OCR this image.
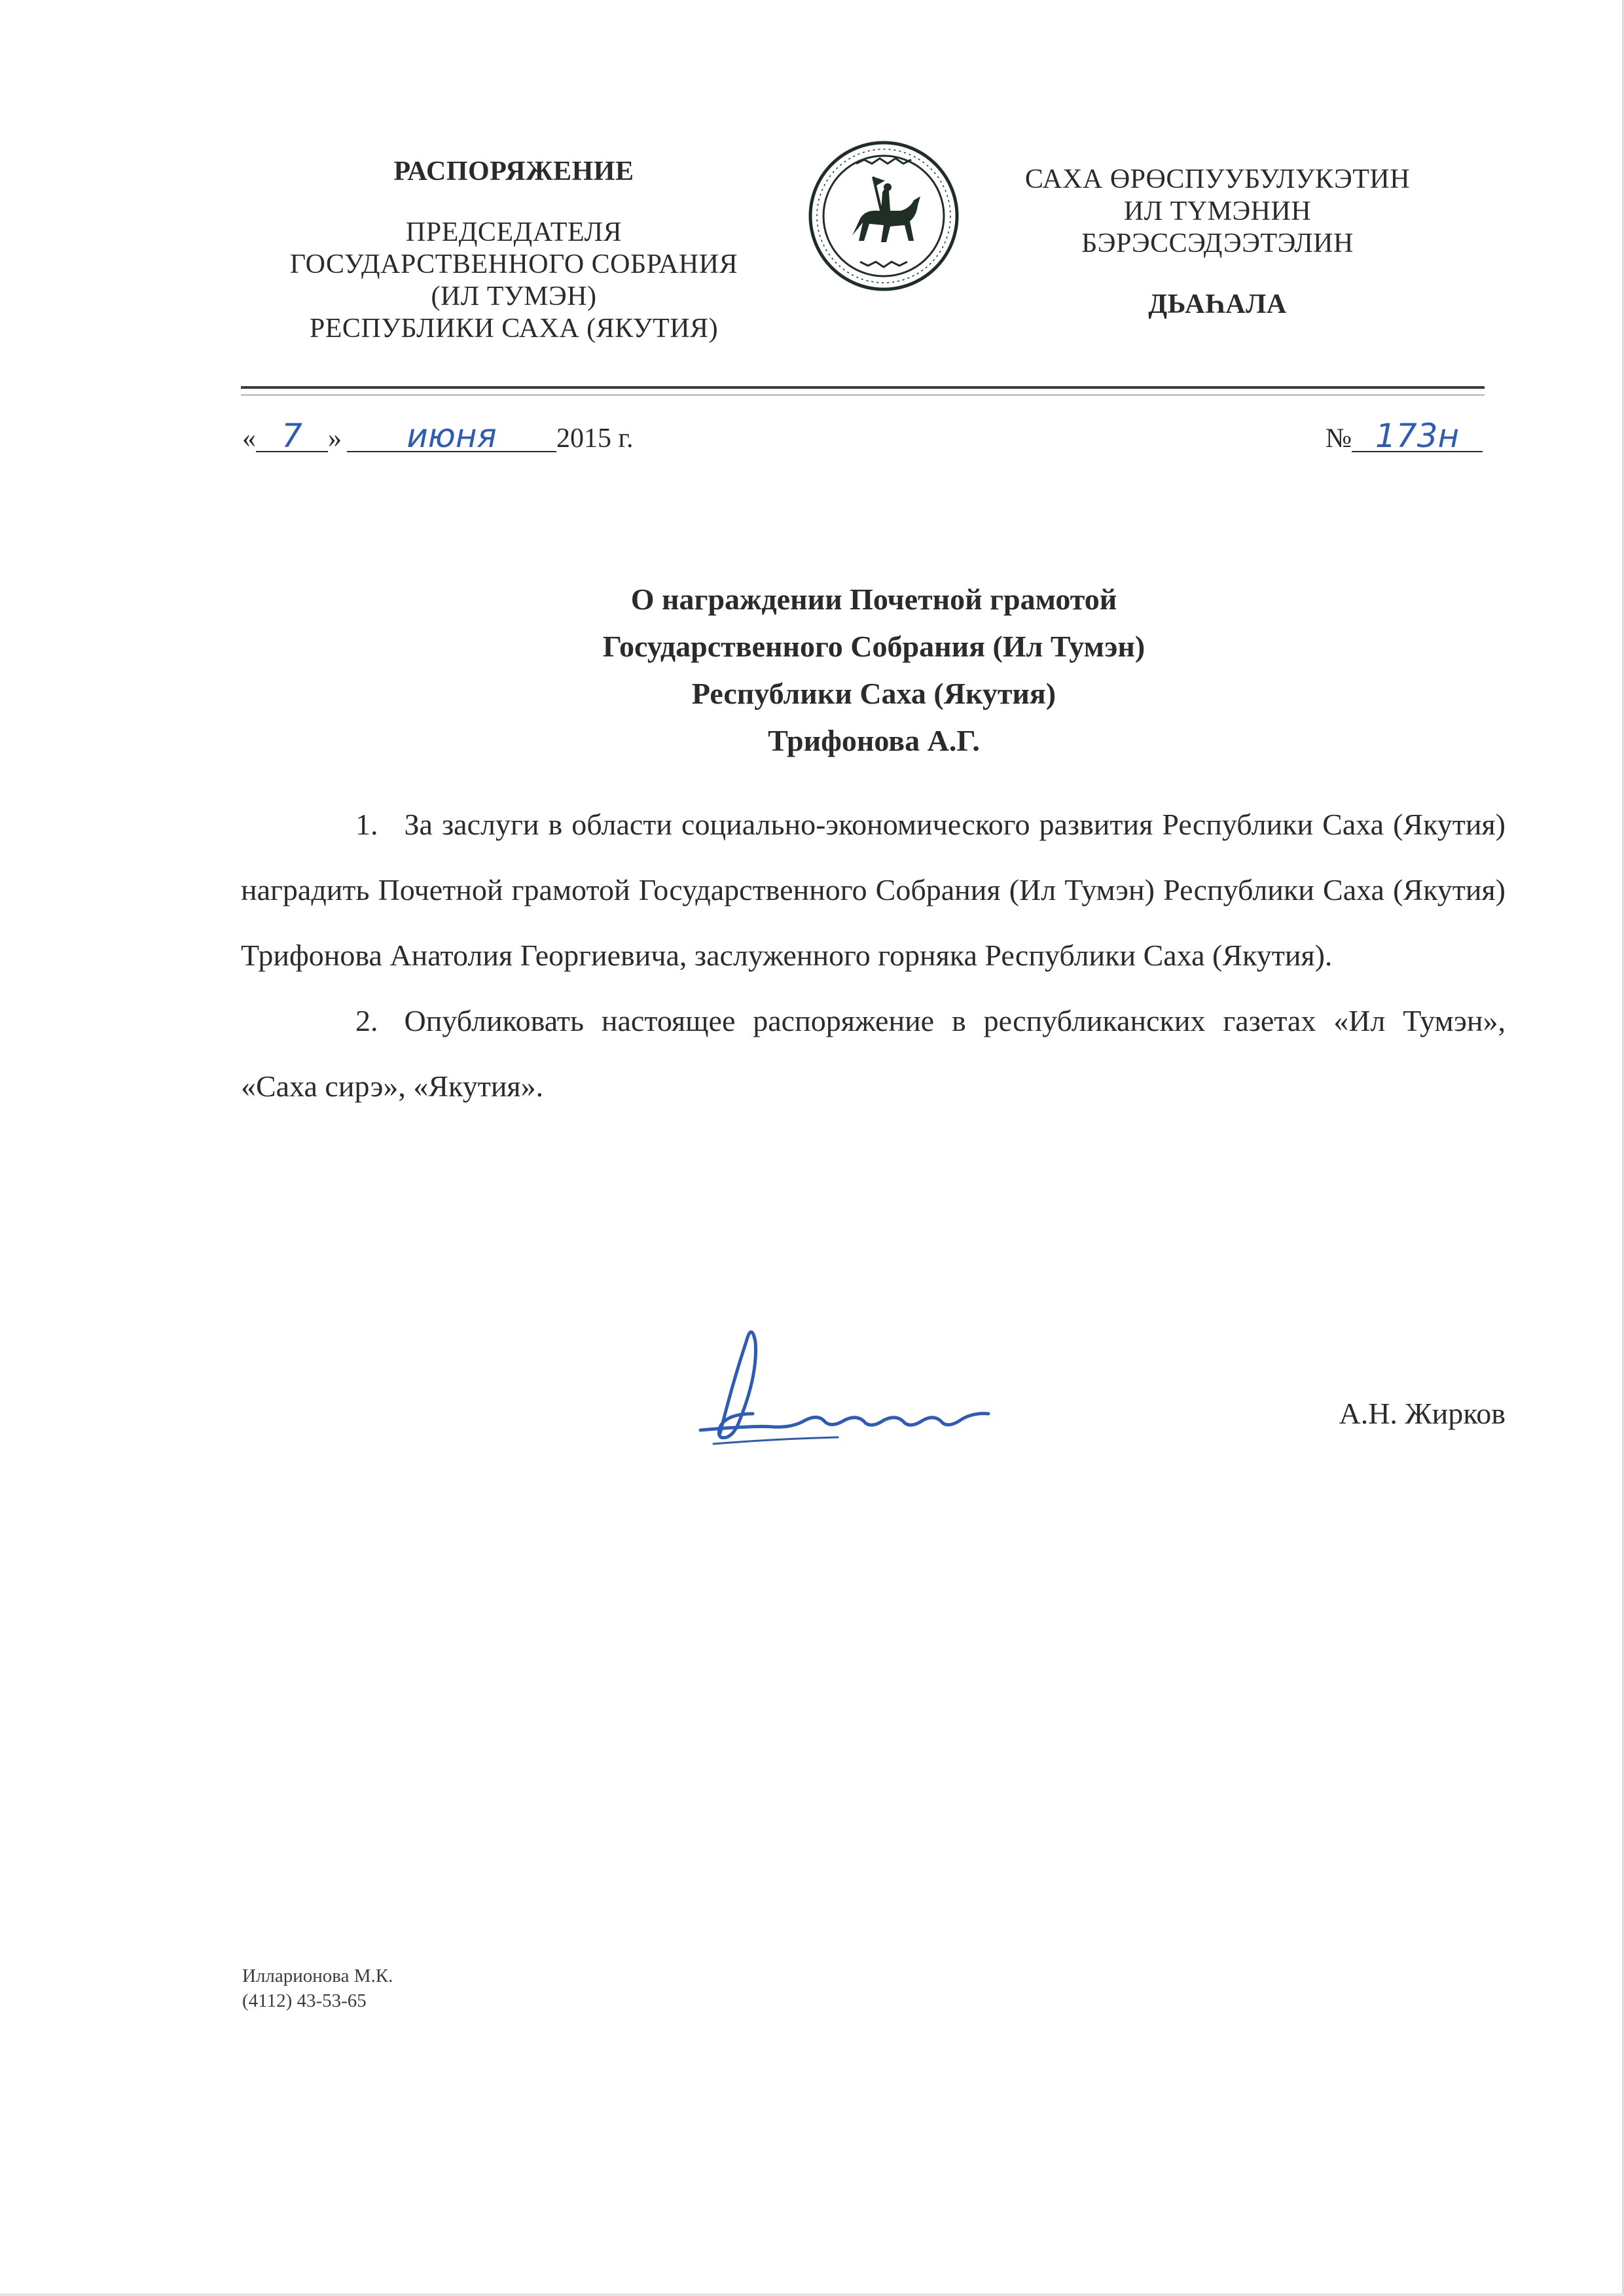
РАСПОРЯЖЕНИЕ
ПРЕДСЕДАТЕЛЯ
ГОСУДАРСТВЕННОГО СОБРАНИЯ
(ИЛ ТУМЭН)
РЕСПУБЛИКИ САХА (ЯКУТИЯ)
САХА ӨРӨСПУУБУЛУКЭТИН
ИЛ ТҮМЭНИН
БЭРЭССЭДЭЭТЭЛИН
ДЬАҺАЛА
« 7 » июня 2015 г.	№ 173н
О награждении Почетной грамотой
Государственного Собрания (Ил Тумэн)
Республики Саха (Якутия)
Трифонова А.Г.

1. За заслуги в области социально-экономического развития Республики Саха (Якутия) наградить Почетной грамотой Государственного Собрания (Ил Тумэн) Республики Саха (Якутия) Трифонова Анатолия Георгиевича, заслуженного горняка Республики Саха (Якутия).

2. Опубликовать настоящее распоряжение в республиканских газетах «Ил Тумэн», «Саха сирэ», «Якутия».

А.Н. Жирков
Илларионова М.К.
(4112) 43-53-65
